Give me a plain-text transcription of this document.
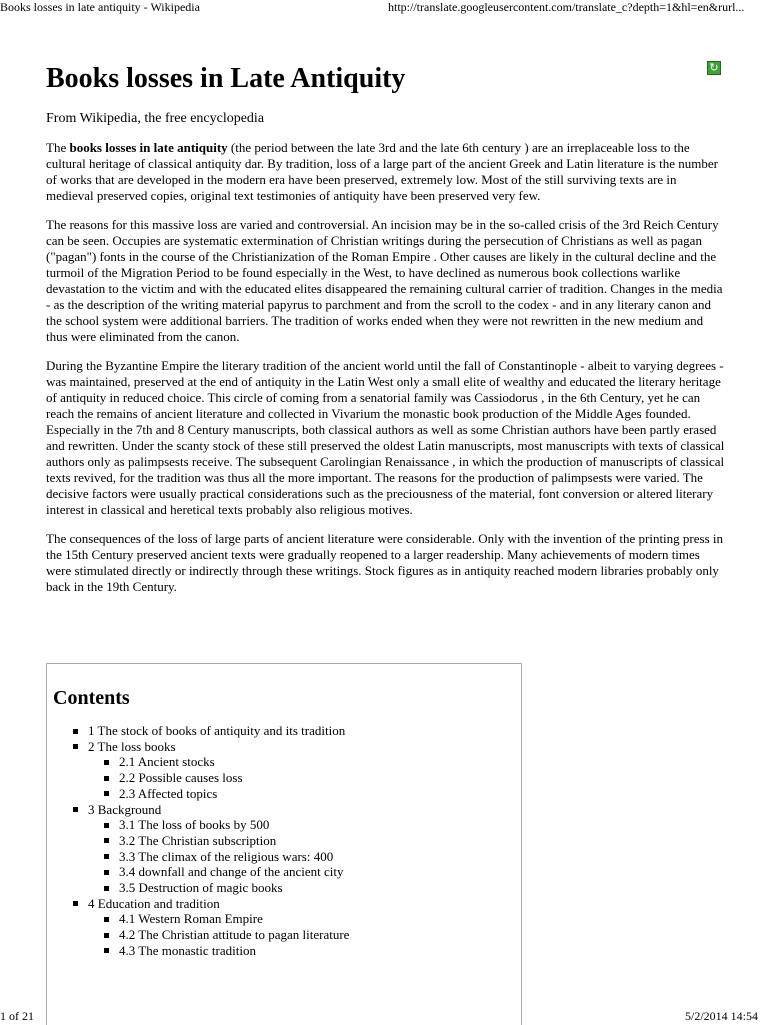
Books losses in late antiquity - Wikipedia	http://translate.googleusercontent.com/translate_c?depth=1&hl=en&rurl...
Books losses in Late Antiquity	↻
From Wikipedia, the free encyclopedia

The books losses in late antiquity (the period between the late 3rd and the late 6th century ) are an irreplaceable loss to the cultural heritage of classical antiquity dar. By tradition, loss of a large part of the ancient Greek and Latin literature is the number of works that are developed in the modern era have been preserved, extremely low. Most of the still surviving texts are in medieval preserved copies, original text testimonies of antiquity have been preserved very few.

The reasons for this massive loss are varied and controversial. An incision may be in the so-called crisis of the 3rd Reich Century can be seen. Occupies are systematic extermination of Christian writings during the persecution of Christians as well as pagan ("pagan") fonts in the course of the Christianization of the Roman Empire . Other causes are likely in the cultural decline and the turmoil of the Migration Period to be found especially in the West, to have declined as numerous book collections warlike devastation to the victim and with the educated elites disappeared the remaining cultural carrier of tradition. Changes in the media - as the description of the writing material papyrus to parchment and from the scroll to the codex - and in any literary canon and the school system were additional barriers. The tradition of works ended when they were not rewritten in the new medium and thus were eliminated from the canon.

During the Byzantine Empire the literary tradition of the ancient world until the fall of Constantinople - albeit to varying degrees - was maintained, preserved at the end of antiquity in the Latin West only a small elite of wealthy and educated the literary heritage of antiquity in reduced choice. This circle of coming from a senatorial family was Cassiodorus , in the 6th Century, yet he can reach the remains of ancient literature and collected in Vivarium the monastic book production of the Middle Ages founded. Especially in the 7th and 8 Century manuscripts, both classical authors as well as some Christian authors have been partly erased and rewritten. Under the scanty stock of these still preserved the oldest Latin manuscripts, most manuscripts with texts of classical authors only as palimpsests receive. The subsequent Carolingian Renaissance , in which the production of manuscripts of classical texts revived, for the tradition was thus all the more important. The reasons for the production of palimpsests were varied. The decisive factors were usually practical considerations such as the preciousness of the material, font conversion or altered literary interest in classical and heretical texts probably also religious motives.

The consequences of the loss of large parts of ancient literature were considerable. Only with the invention of the printing press in the 15th Century preserved ancient texts were gradually reopened to a larger readership. Many achievements of modern times were stimulated directly or indirectly through these writings. Stock figures as in antiquity reached modern libraries probably only back in the 19th Century.

Contents
1 The stock of books of antiquity and its tradition
2 The loss books
2.1 Ancient stocks
2.2 Possible causes loss
2.3 Affected topics
3 Background
3.1 The loss of books by 500
3.2 The Christian subscription
3.3 The climax of the religious wars: 400
3.4 downfall and change of the ancient city
3.5 Destruction of magic books
4 Education and tradition
4.1 Western Roman Empire
4.2 The Christian attitude to pagan literature
4.3 The monastic tradition
1 of 21	5/2/2014 14:54
